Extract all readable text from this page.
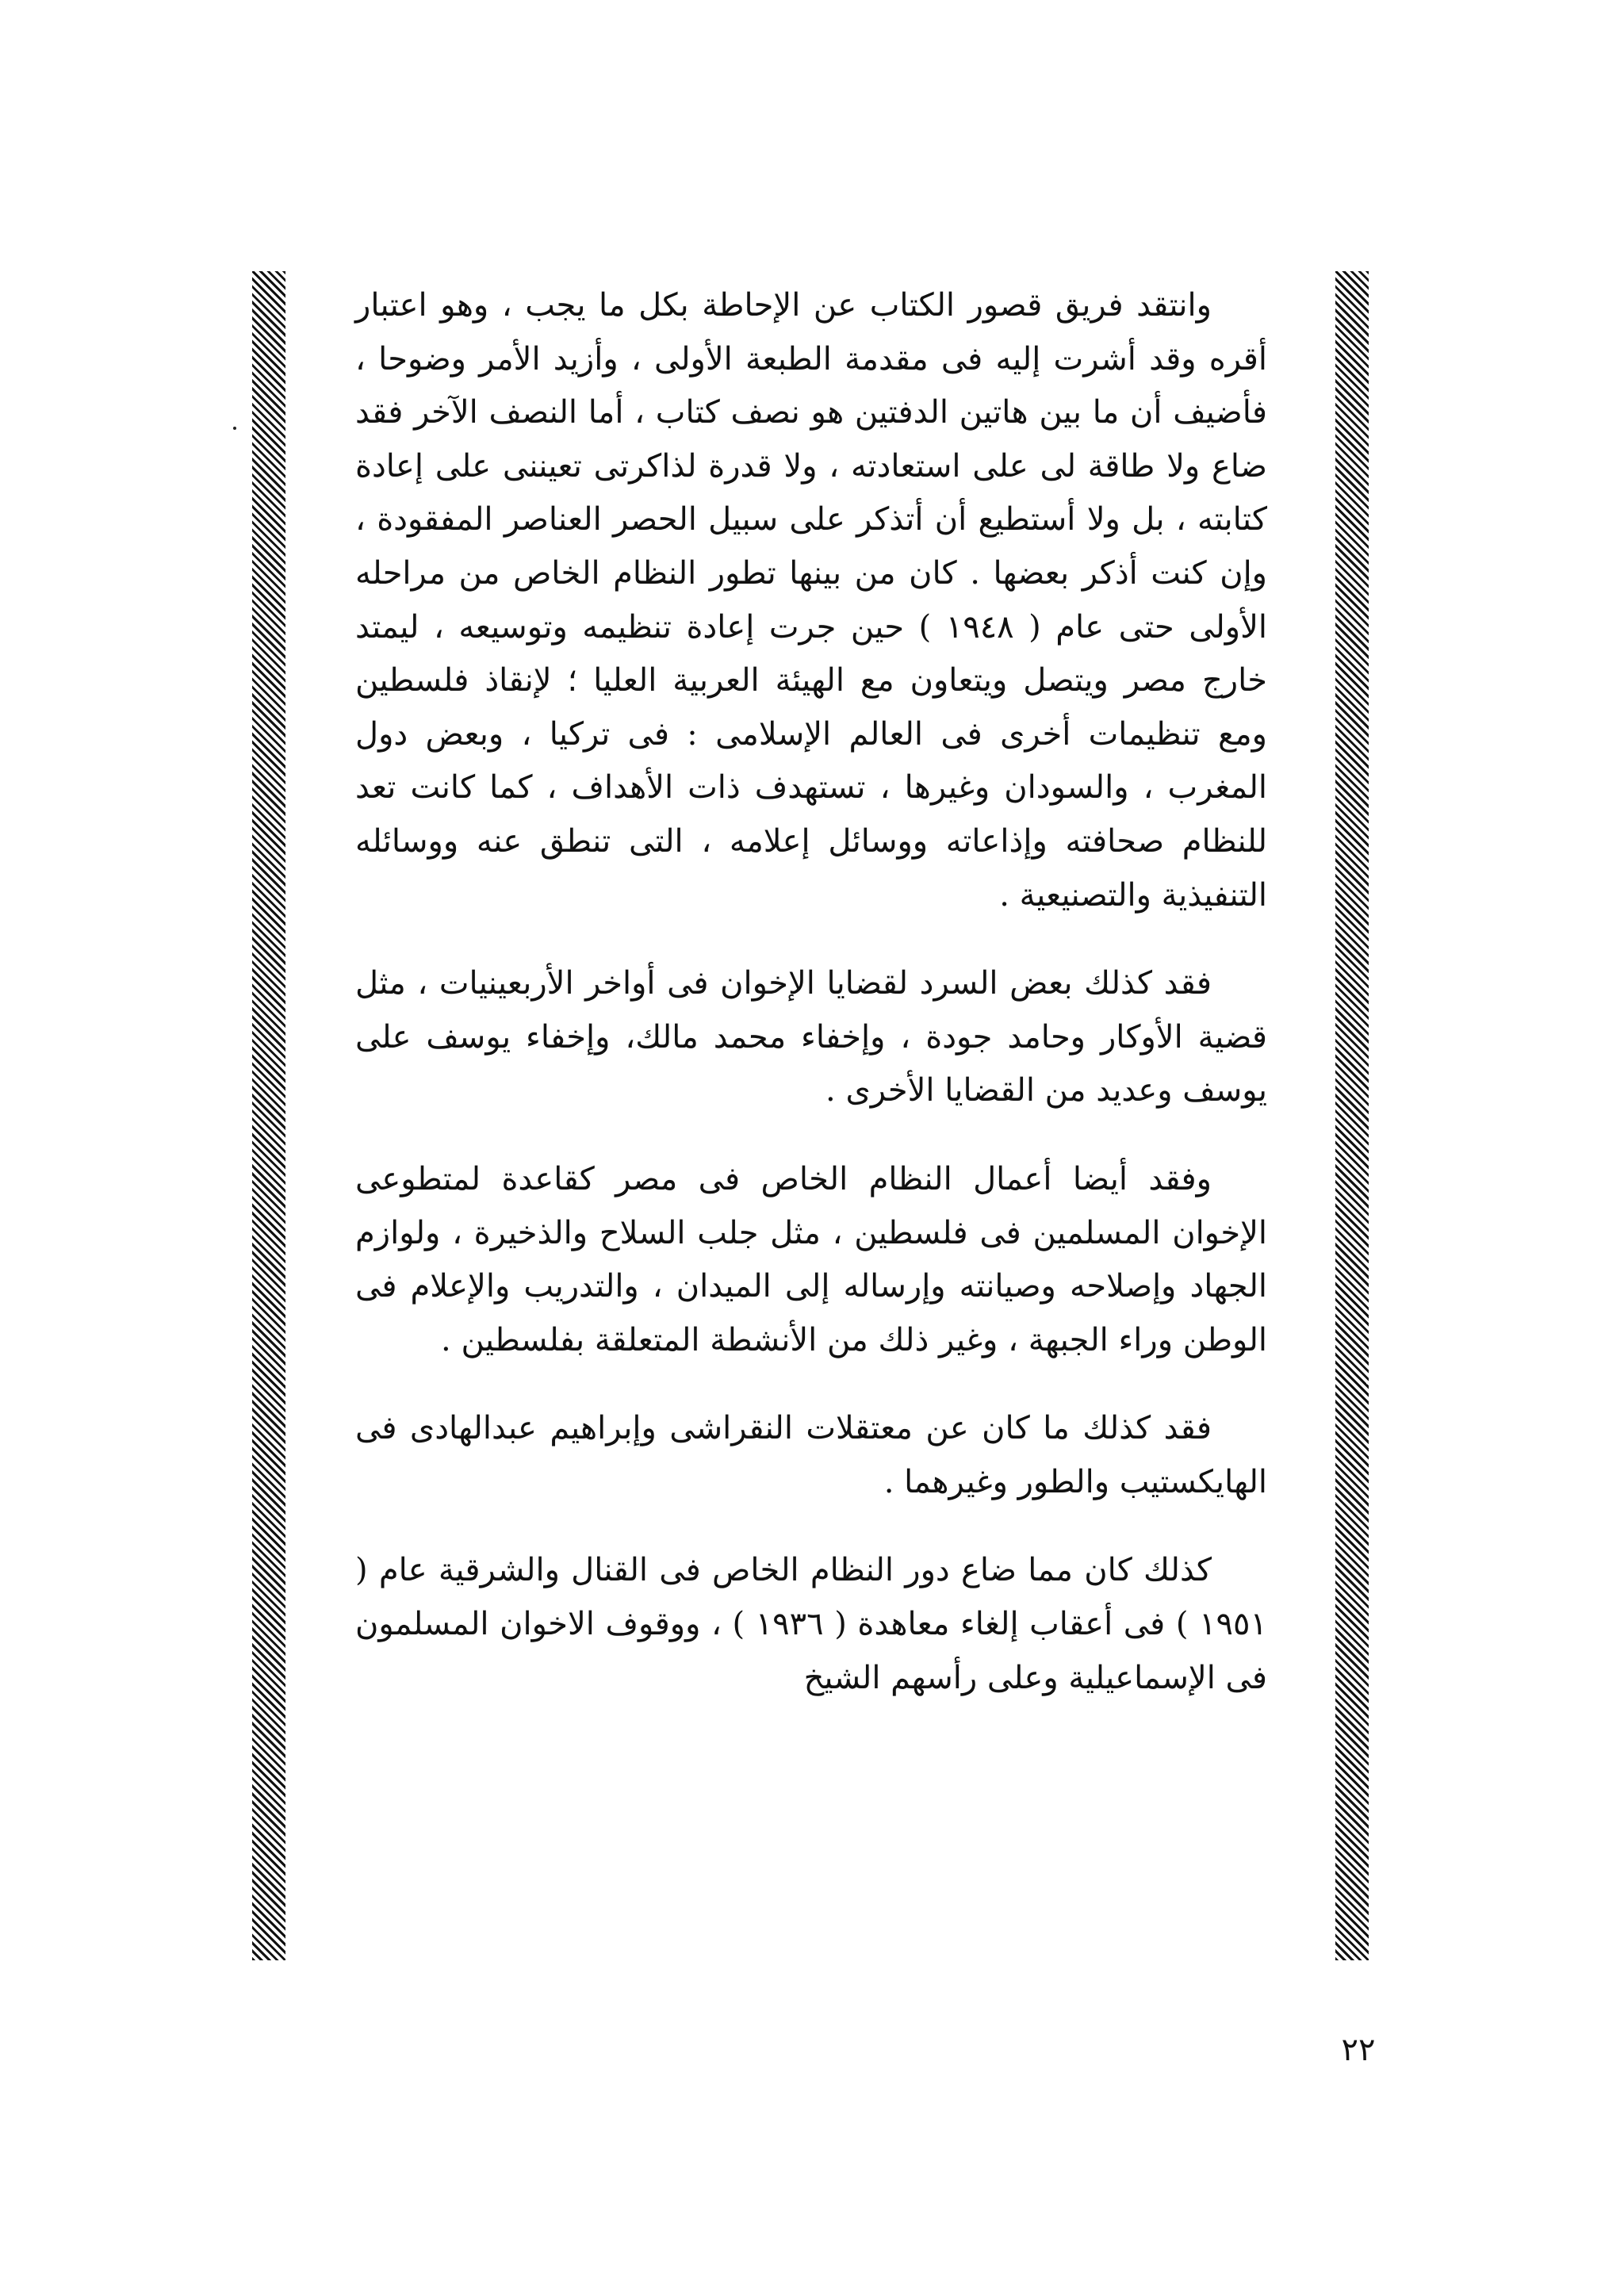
وانتقد فريق قصور الكتاب عن الإحاطة بكل ما يجب ، وهو اعتبار أقره وقد أشرت إليه فى مقدمة الطبعة الأولى ، وأزيد الأمر وضوحا ، فأضيف أن ما بين هاتين الدفتين هو نصف كتاب ، أما النصف الآخر فقد ضاع ولا طاقة لى على استعادته ، ولا قدرة لذاكرتى تعيننى على إعادة كتابته ، بل ولا أستطيع أن أتذكر على سبيل الحصر العناصر المفقودة ، وإن كنت أذكر بعضها . كان من بينها تطور النظام الخاص من مراحله الأولى حتى عام ( ١٩٤٨ ) حين جرت إعادة تنظيمه وتوسيعه ، ليمتد خارج مصر ويتصل ويتعاون مع الهيئة العربية العليا ؛ لإنقاذ فلسطين ومع تنظيمات أخرى فى العالم الإسلامى : فى تركيا ، وبعض دول المغرب ، والسودان وغيرها ، تستهدف ذات الأهداف ، كما كانت تعد للنظام صحافته وإذاعاته ووسائل إعلامه ، التى تنطق عنه ووسائله التنفيذية والتصنيعية .

فقد كذلك بعض السرد لقضايا الإخوان فى أواخر الأربعينيات ، مثل قضية الأوكار وحامد جودة ، وإخفاء محمد مالك، وإخفاء يوسف على يوسف وعديد من القضايا الأخرى .

وفقد أيضا أعمال النظام الخاص فى مصر كقاعدة لمتطوعى الإخوان المسلمين فى فلسطين ، مثل جلب السلاح والذخيرة ، ولوازم الجهاد وإصلاحه وصيانته وإرساله إلى الميدان ، والتدريب والإعلام فى الوطن وراء الجبهة ، وغير ذلك من الأنشطة المتعلقة بفلسطين .

فقد كذلك ما كان عن معتقلات النقراشى وإبراهيم عبدالهادى فى الهايكستيب والطور وغيرهما .

كذلك كان مما ضاع دور النظام الخاص فى القنال والشرقية عام ( ١٩٥١ ) فى أعقاب إلغاء معاهدة ( ١٩٣٦ ) ، ووقوف الاخوان المسلمون فى الإسماعيلية وعلى رأسهم الشيخ

٢٢
